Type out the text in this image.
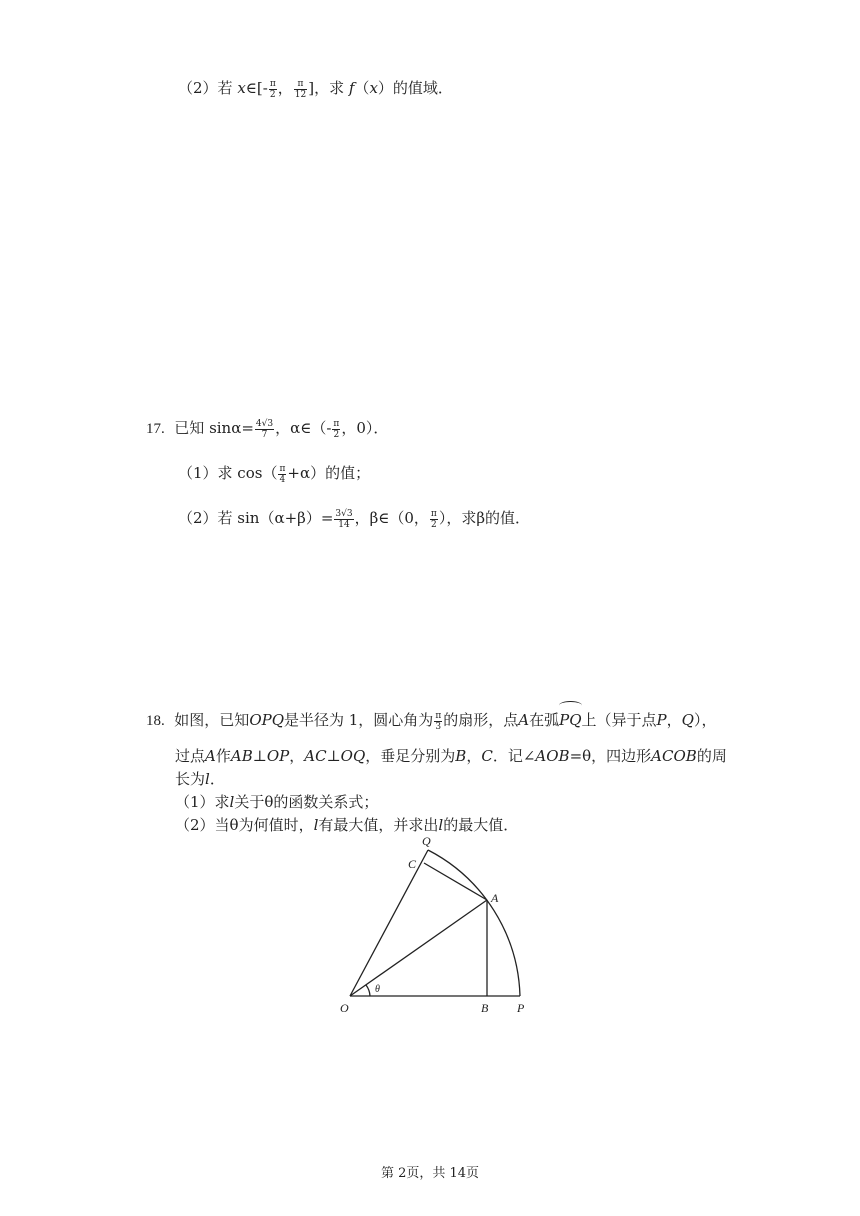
（2）若 x∈[- $\frac{\pi}{2}$ ， $\frac{\pi}{12}$ ]，求 f（x）的值域．
17. 已知 $\sin\alpha= \frac{4√3}{7}$ ，α∈（- $\frac{\pi}{2}$ ，0）．
（1）求 $\cos( \frac{\pi}{4} +\alpha)$的值；
（2）若 $\sin(\alpha+\beta)= \frac{3√3}{14}$ ，β∈（0， $\frac{\pi}{2}$ ），求β的值．
18. 如图，已知OPQ是半径为 1，圆心角为 $\frac{\pi}{3}$ 的扇形，点A在弧
PQ上（异于点P，Q），
过点A作AB⊥OP，AC⊥OQ，垂足分别为B，C．记∠AOB=θ，四边形ACOB的周
长为l．
（1）求l关于θ的函数关系式；
（2）当θ为何值时，l有最大值，并求出l的最大值．
Q
C
A
O	B P
θ
第 2页，共 14页
